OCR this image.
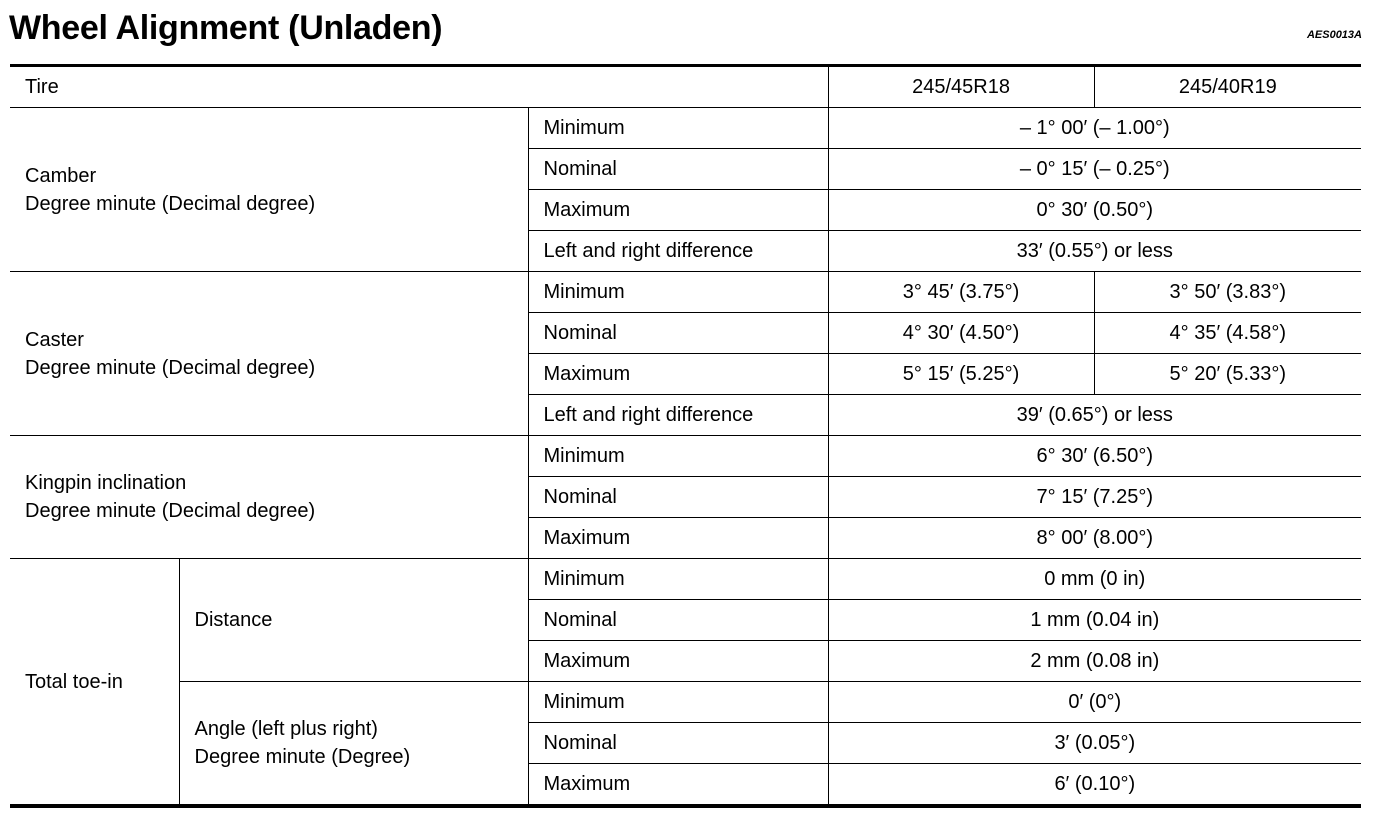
Wheel Alignment (Unladen)	AES0013A
Tire			245/45R18	245/40R19

Camber
Degree minute (Decimal degree)		Minimum	– 1° 00′ (– 1.00°)	
		Nominal	– 0° 15′ (– 0.25°)	
		Maximum	0° 30′ (0.50°)	
		Left and right difference	33′ (0.55°) or less	

Caster
Degree minute (Decimal degree)		Minimum	3° 45′ (3.75°)	3° 50′ (3.83°)
		Nominal	4° 30′ (4.50°)	4° 35′ (4.58°)
		Maximum	5° 15′ (5.25°)	5° 20′ (5.33°)
		Left and right difference	39′ (0.65°) or less	

Kingpin inclination
Degree minute (Decimal degree)		Minimum	6° 30′ (6.50°)	
		Nominal	7° 15′ (7.25°)	
		Maximum	8° 00′ (8.00°)	
Total toe-in	Distance	Minimum	0 mm (0 in)	
		Nominal	1 mm (0.04 in)	
		Maximum	2 mm (0.08 in)	

	Angle (left plus right)
Degree minute (Degree)	Minimum	0′ (0°)	
		Nominal	3′ (0.05°)	
		Maximum	6′ (0.10°)	
